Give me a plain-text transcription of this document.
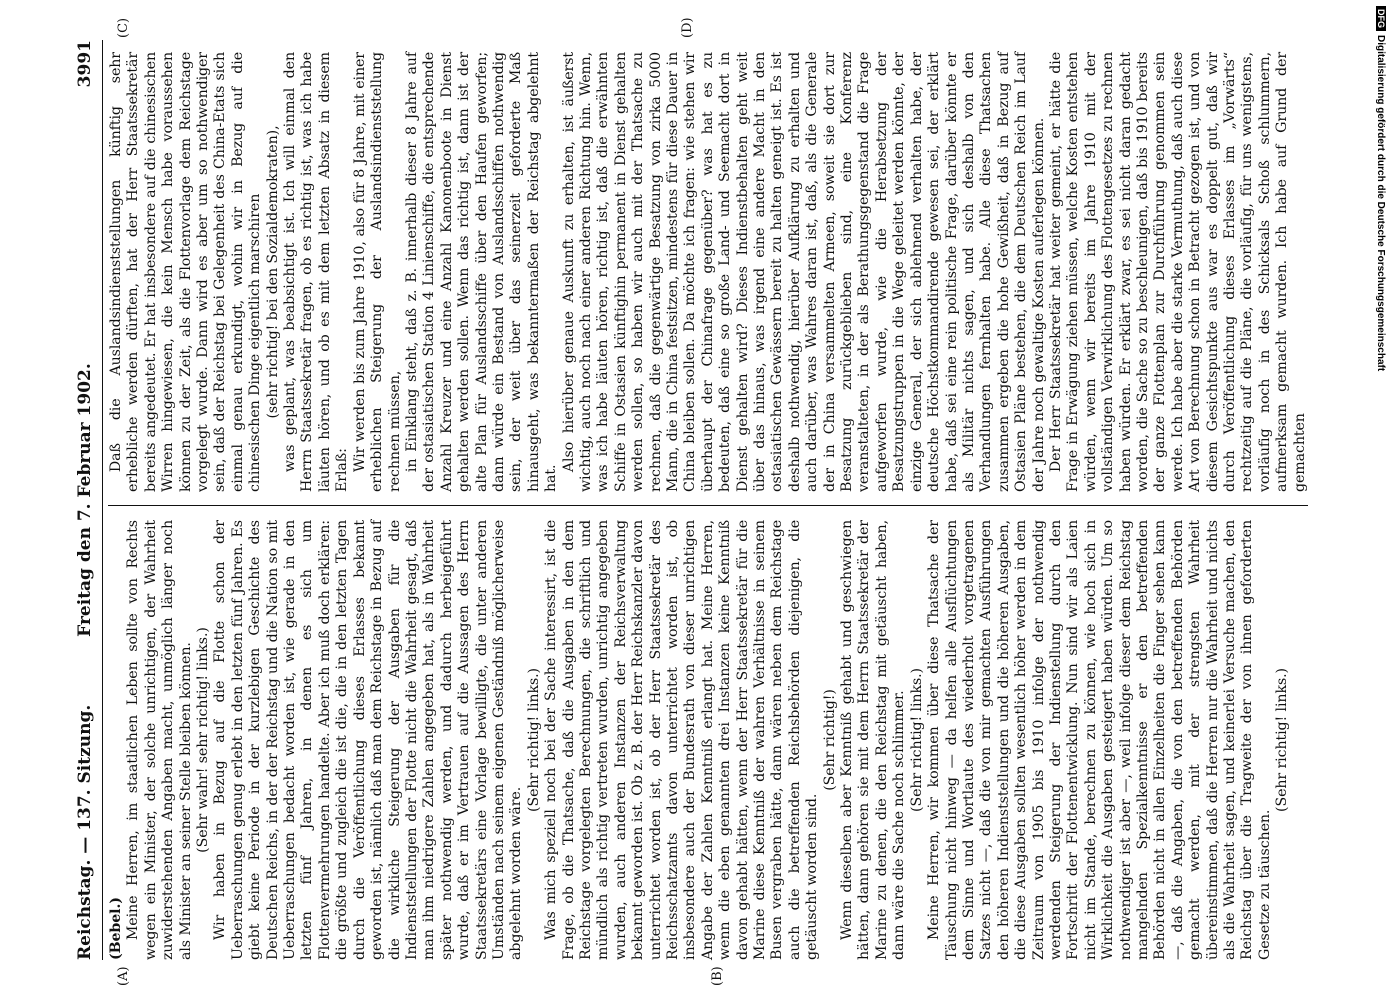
Reichstag. — 137. Sitzung.
Freitag den 7. Februar 1902.
3991
(A)	(B)
(C)	(D)

(Bebel.) Meine Herren, im staatlichen Leben sollte von Rechts wegen ein Minister, der solche unrichtigen, der Wahrheit zuwiderstehenden Angaben macht, unmöglich länger noch als Minister an seiner Stelle bleiben können. (Sehr wahr! sehr richtig! links.) Wir haben in Bezug auf die Flotte schon der Ueberraschungen genug erlebt in den letzten fünf Jahren. Es giebt keine Periode in der kurzlebigen Geschichte des Deutschen Reichs, in der der Reichstag und die Nation so mit Ueberraschungen bedacht worden ist, wie gerade in den letzten fünf Jahren, in denen es sich um Flottenvermehrungen handelte. Aber ich muß doch erklären: die größte und zugleich die ist die, die in den letzten Tagen durch die Veröffentlichung dieses Erlasses bekannt geworden ist, nämlich daß man dem Reichstage in Bezug auf die wirkliche Steigerung der Ausgaben für die Indienststellungen der Flotte nicht die Wahrheit gesagt, daß man ihm niedrigere Zahlen angegeben hat, als in Wahrheit später nothwendig werden, und dadurch herbeigeführt wurde, daß er im Vertrauen auf die Aussagen des Herrn Staatssekretärs eine Vorlage bewilligte, die unter anderen Umständen nach seinem eigenen Geständniß möglicherweise abgelehnt worden wäre.

(Sehr richtig! links.) Was mich speziell noch bei der Sache interessirt, ist die Frage, ob die Thatsache, daß die Ausgaben in den dem Reichstage vorgelegten Berechnungen, die schriftlich und mündlich als richtig vertreten wurden, unrichtig angegeben wurden, auch anderen Instanzen der Reichsverwaltung bekannt geworden ist. Ob z. B. der Herr Reichskanzler davon unterrichtet worden ist, ob der Herr Staatssekretär des Reichsschatzamts davon unterrichtet worden ist, ob insbesondere auch der Bundesrath von dieser unrichtigen Angabe der Zahlen Kenntniß erlangt hat. Meine Herren, wenn die eben genannten drei Instanzen keine Kenntniß davon gehabt hätten, wenn der Herr Staatssekretär für die Marine diese Kenntniß der wahren Verhältnisse in seinem Busen vergraben hätte, dann wären neben dem Reichstage auch die betreffenden Reichsbehörden diejenigen, die getäuscht worden sind.

(Sehr richtig!) Wenn dieselben aber Kenntniß gehabt und geschwiegen hätten, dann gehören sie mit dem Herrn Staatssekretär der Marine zu denen, die den Reichstag mit getäuscht haben, dann wäre die Sache noch schlimmer. (Sehr richtig! links.) Meine Herren, wir kommen über diese Thatsache der Täuschung nicht hinweg — da helfen alle Ausflüchtungen dem Sinne und Wortlaute des wiederholt vorgetragenen Satzes nicht —, daß die von mir gemachten Ausführungen den höheren Indienststellungen und die höheren Ausgaben, die diese Ausgaben sollten wesentlich höher werden in dem Zeitraum von 1905 bis 1910 infolge der nothwendig werdenden Steigerung der Indienstellung durch den Fortschritt der Flottenentwicklung. Nun sind wir als Laien nicht im Stande, berechnen zu können, wie hoch sich in Wirklichkeit die Ausgaben gesteigert haben würden. Um so nothwendiger ist aber —, weil infolge dieser dem Reichstag mangelnden Spezialkenntnisse er den betreffenden Behörden nicht in allen Einzelheiten die Finger sehen kann —, daß die Angaben, die von den betreffenden Behörden gemacht werden, mit der strengsten Wahrheit übereinstimmen, daß die Herren nur die Wahrheit und nichts als die Wahrheit sagen, und keinerlei Versuche machen, den Reichstag über die Tragweite der von ihnen geforderten Gesetze zu täuschen.

(Sehr richtig! links.)

Daß die Auslandsindienststellungen künftig sehr erhebliche werden dürften, hat der Herr Staatssekretär bereits angedeutet. Er hat insbesondere auf die chinesischen Wirren hingewiesen, die kein Mensch habe voraussehen können zu der Zeit, als die Flottenvorlage dem Reichstage vorgelegt wurde. Dann wird es aber um so nothwendiger sein, daß der Reichstag bei Gelegenheit des China-Etats sich einmal genau erkundigt, wohin wir in Bezug auf die chinesischen Dinge eigentlich marschiren (sehr richtig! bei den Sozialdemokraten), was geplant, was beabsichtigt ist. Ich will einmal den Herrn Staatssekretär fragen, ob es richtig ist, was ich habe läuten hören, und ob es mit dem letzten Absatz in diesem Erlaß: Wir werden bis zum Jahre 1910, also für 8 Jahre, mit einer erheblichen Steigerung der Auslandsindienststellung rechnen müssen, in Einklang steht, daß z. B. innerhalb dieser 8 Jahre auf der ostasiatischen Station 4 Linienschiffe, die entsprechende Anzahl Kreuzer und eine Anzahl Kanonenboote in Dienst gehalten werden sollen. Wenn das richtig ist, dann ist der alte Plan für Auslandsschiffe über den Haufen geworfen; dann würde ein Bestand von Auslandsschiffen nothwendig sein, der weit über das seinerzeit geforderte Maß hinausgeht, was bekanntermaßen der Reichstag abgelehnt hat.

Also hierüber genaue Auskunft zu erhalten, ist äußerst wichtig, auch noch nach einer anderen Richtung hin. Wenn, was ich habe läuten hören, richtig ist, daß die erwähnten Schiffe in Ostasien künftighin permanent in Dienst gehalten werden sollen, so haben wir auch mit der Thatsache zu rechnen, daß die gegenwärtige Besatzung von zirka 5000 Mann, die in China festsitzen, mindestens für diese Dauer in China bleiben sollen. Da möchte ich fragen: wie stehen wir überhaupt der Chinafrage gegenüber? was hat es zu bedeuten, daß eine so große Land- und Seemacht dort in Dienst gehalten wird? Dieses Indienstbehalten geht weit über das hinaus, was irgend eine andere Macht in den ostasiatischen Gewässern bereit zu halten geneigt ist. Es ist deshalb nothwendig, hierüber Aufklärung zu erhalten und auch darüber, was Wahres daran ist, daß, als die Generale der in China versammelten Armeen, soweit sie dort zur Besatzung zurückgeblieben sind, eine Konferenz veranstalteten, in der als Berathungsgegenstand die Frage aufgeworfen wurde, wie die Herabsetzung der Besatzungstruppen in die Wege geleitet werden könnte, der einzige General, der sich ablehnend verhalten habe, der deutsche Höchstkommandirende gewesen sei, der erklärt habe, daß sei eine rein politische Frage, darüber könnte er als Militär nichts sagen, und sich deshalb von den Verhandlungen fernhalten habe. Alle diese Thatsachen zusammen ergeben die hohe Gewißheit, daß in Bezug auf Ostasien Pläne bestehen, die dem Deutschen Reich im Lauf der Jahre noch gewaltige Kosten auferlegen können. Der Herr Staatssekretär hat weiter gemeint, er hätte die Frage in Erwägung ziehen müssen, welche Kosten entstehen würden, wenn wir bereits im Jahre 1910 mit der vollständigen Verwirklichung des Flottengesetzes zu rechnen haben würden. Er erklärt zwar, es sei nicht daran gedacht worden, die Sache so zu beschleunigen, daß bis 1910 bereits der ganze Flottenplan zur Durchführung genommen sein werde. Ich habe aber die starke Vermuthung, daß auch diese Art von Berechnung schon in Betracht gezogen ist, und von diesem Gesichtspunkte aus war es doppelt gut, daß wir durch Veröffentlichung dieses Erlasses im „Vorwärts“ rechtzeitig auf die Pläne, die vorläufig, für uns wenigstens, vorläufig noch in des Schicksals Schoß schlummern, aufmerksam gemacht wurden. Ich habe auf Grund der gemachten

DFGDigitalisierung gefördert durch die Deutsche Forschungsgemeinschaft
